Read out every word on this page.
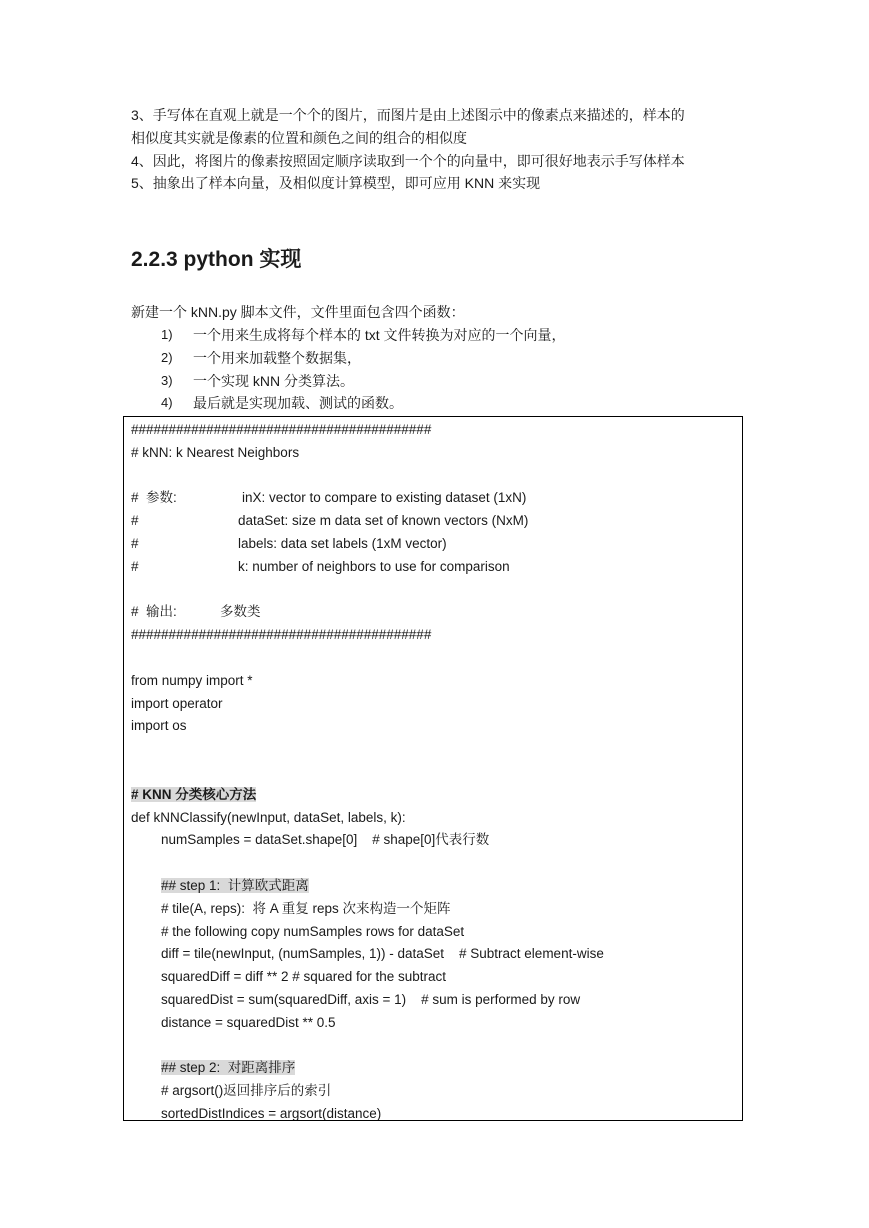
3、手写体在直观上就是一个个的图片，而图片是由上述图示中的像素点来描述的，样本的
相似度其实就是像素的位置和颜色之间的组合的相似度
4、因此，将图片的像素按照固定顺序读取到一个个的向量中，即可很好地表示手写体样本
5、抽象出了样本向量，及相似度计算模型，即可应用 KNN 来实现
2.2.3 python 实现
新建一个 kNN.py 脚本文件，文件里面包含四个函数：
1)	一个用来生成将每个样本的 txt 文件转换为对应的一个向量，
2)	一个用来加载整个数据集，
3)	一个实现 kNN 分类算法。
4)	最后就是实现加载、测试的函数。
########################################
# kNN: k Nearest Neighbors
#  参数:	inX: vector to compare to existing dataset (1xN)
#	dataSet: size m data set of known vectors (NxM)
#	labels: data set labels (1xM vector)
#	k: number of neighbors to use for comparison
#  输出:	多数类
########################################
from numpy import *
import operator
import os
# KNN 分类核心方法
def kNNClassify(newInput, dataSet, labels, k):
numSamples = dataSet.shape[0]    # shape[0]代表行数
## step 1:  计算欧式距离
# tile(A, reps):  将 A 重复 reps 次来构造一个矩阵
# the following copy numSamples rows for dataSet
diff = tile(newInput, (numSamples, 1)) - dataSet    # Subtract element-wise
squaredDiff = diff ** 2 # squared for the subtract
squaredDist = sum(squaredDiff, axis = 1)    # sum is performed by row
distance = squaredDist ** 0.5
## step 2:  对距离排序
# argsort()返回排序后的索引
sortedDistIndices = argsort(distance)
